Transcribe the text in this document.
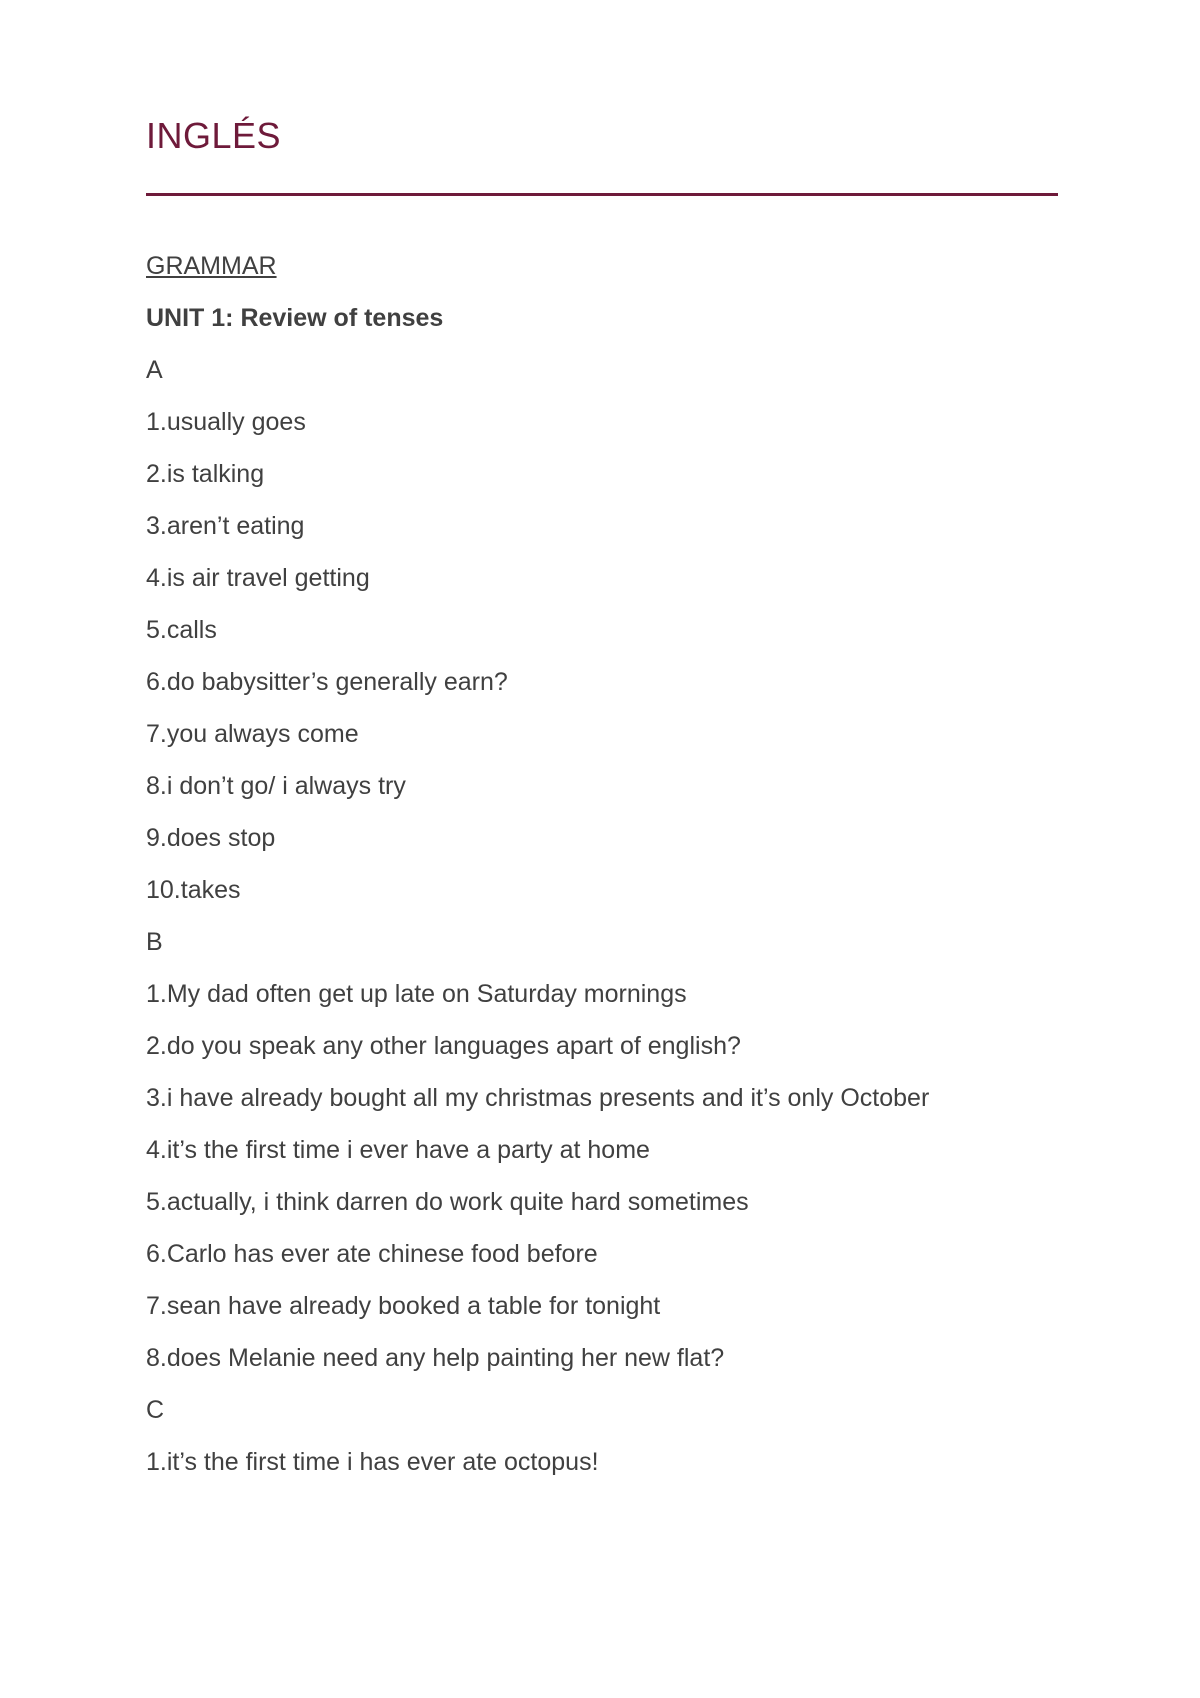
INGLÉS
GRAMMAR
UNIT 1: Review of tenses
A
1.usually goes
2.is talking
3.aren’t eating
4.is air travel getting
5.calls
6.do babysitter’s generally earn?
7.you always come
8.i don’t go/ i always try
9.does stop
10.takes
B
1.My dad often get up late on Saturday mornings
2.do you speak any other languages apart of english?
3.i have already bought all my christmas presents and it’s only October
4.it’s the first time i ever have a party at home
5.actually, i think darren do work quite hard sometimes
6.Carlo has ever ate chinese food before
7.sean have already booked a table for tonight
8.does Melanie need any help painting her new flat?
C
1.it’s the first time i has ever ate octopus!
